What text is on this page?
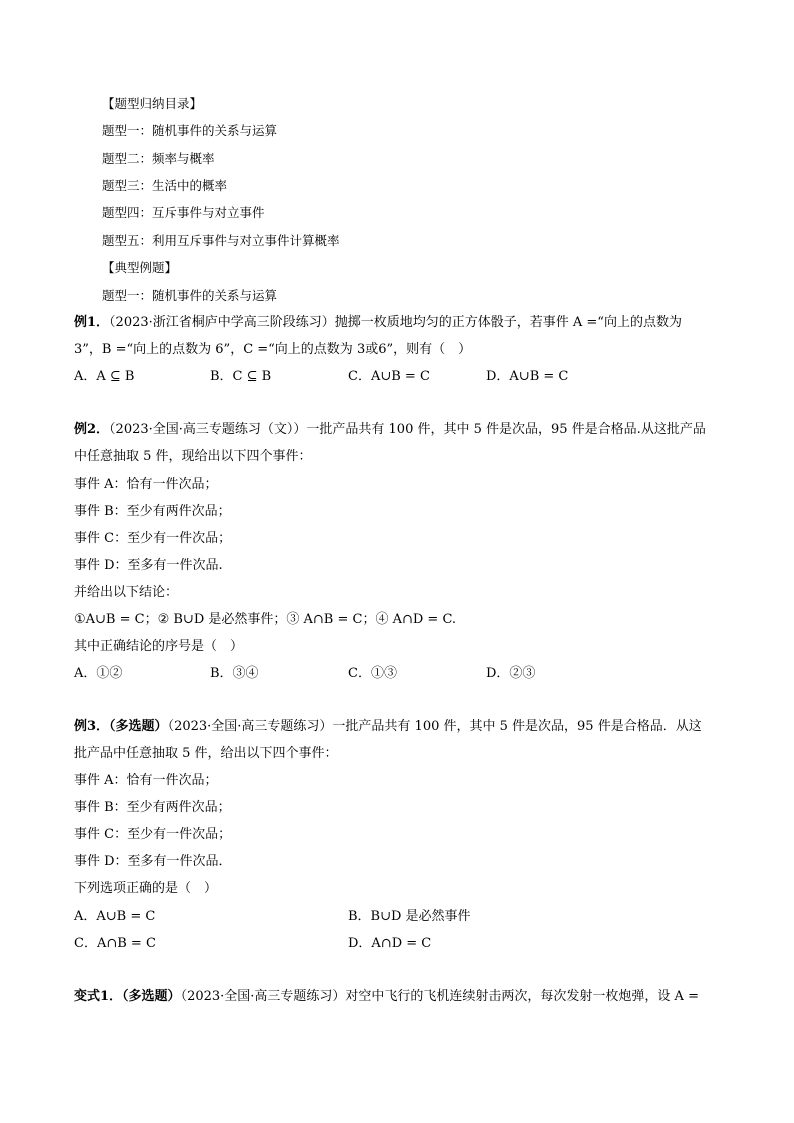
【题型归纳目录】
题型一：随机事件的关系与运算
题型二：频率与概率
题型三：生活中的概率
题型四：互斥事件与对立事件
题型五：利用互斥事件与对立事件计算概率
【典型例题】
题型一：随机事件的关系与运算
例1．（2023·浙江省桐庐中学高三阶段练习）抛掷一枚质地均匀的正方体骰子，若事件 A =“向上的点数为
3”，B =“向上的点数为 6”，C =“向上的点数为 3或6”，则有（　）
A．A ⊆ B	B．C ⊆ B	C．A∪B = C	D．A∪B = C
例2．（2023·全国·高三专题练习（文））一批产品共有 100 件，其中 5 件是次品，95 件是合格品.从这批产品
中任意抽取 5 件，现给出以下四个事件：
事件 A：恰有一件次品；
事件 B：至少有两件次品；
事件 C：至少有一件次品；
事件 D：至多有一件次品.
并给出以下结论：
①A∪B = C；② B∪D 是必然事件；③ A∩B = C；④ A∩D = C.
其中正确结论的序号是（　）
A．①②	B．③④	C．①③	D．②③
例3．（多选题）（2023·全国·高三专题练习）一批产品共有 100 件，其中 5 件是次品，95 件是合格品．从这
批产品中任意抽取 5 件，给出以下四个事件：
事件 A：恰有一件次品；
事件 B：至少有两件次品；
事件 C：至少有一件次品；
事件 D：至多有一件次品．
下列选项正确的是（　）
A．A∪B = C	B．B∪D 是必然事件
C．A∩B = C	D．A∩D = C
变式1．（多选题）（2023·全国·高三专题练习）对空中飞行的飞机连续射击两次，每次发射一枚炮弹，设 A =
